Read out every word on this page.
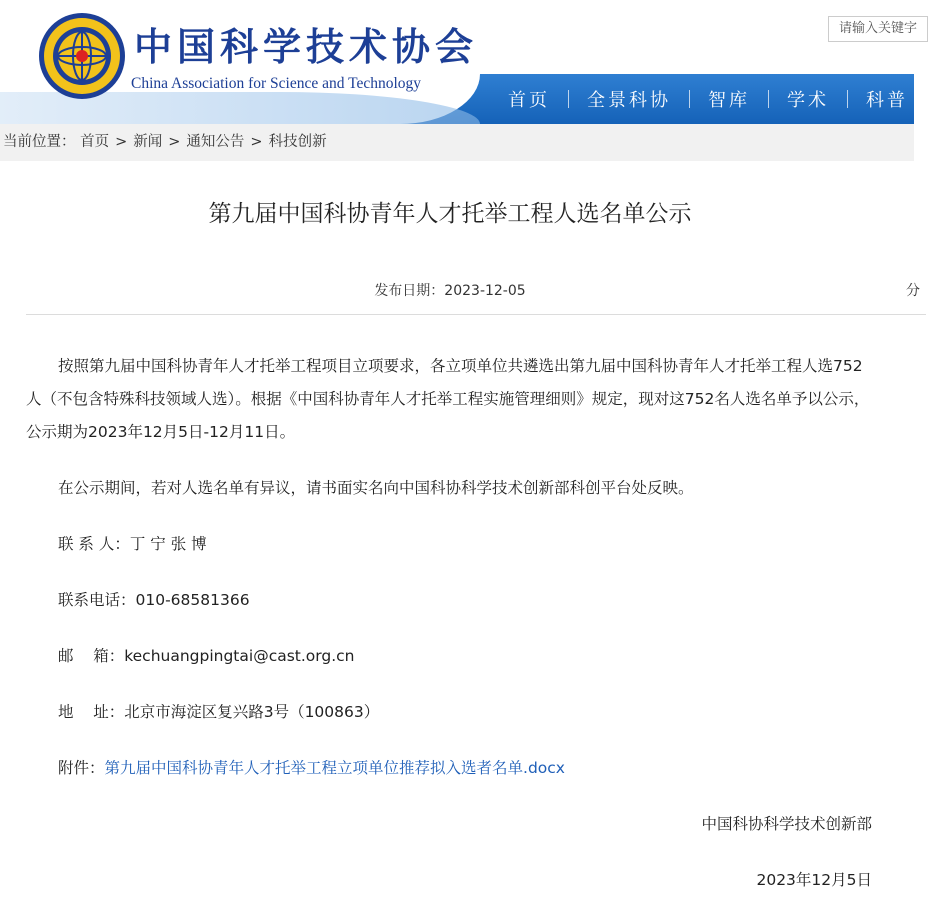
中国科学技术协会
China Association for Science and Technology
请输入关键字
首页	全景科协	智库	学术	科普
当前位置： 首页 > 新闻 > 通知公告 > 科技创新
第九届中国科协青年人才托举工程人选名单公示
发布日期：2023-12-05	分
按照第九届中国科协青年人才托举工程项目立项要求，各立项单位共遴选出第九届中国科协青年人才托举工程人选752人（不包含特殊科技领域人选）。根据《中国科协青年人才托举工程实施管理细则》规定，现对这752名人选名单予以公示，公示期为2023年12月5日-12月11日。
在公示期间，若对人选名单有异议，请书面实名向中国科协科学技术创新部科创平台处反映。
联 系 人：丁 宁 张 博
联系电话：010-68581366
邮    箱：kechuangpingtai@cast.org.cn
地    址：北京市海淀区复兴路3号（100863）
附件：第九届中国科协青年人才托举工程立项单位推荐拟入选者名单.docx
中国科协科学技术创新部
2023年12月5日
